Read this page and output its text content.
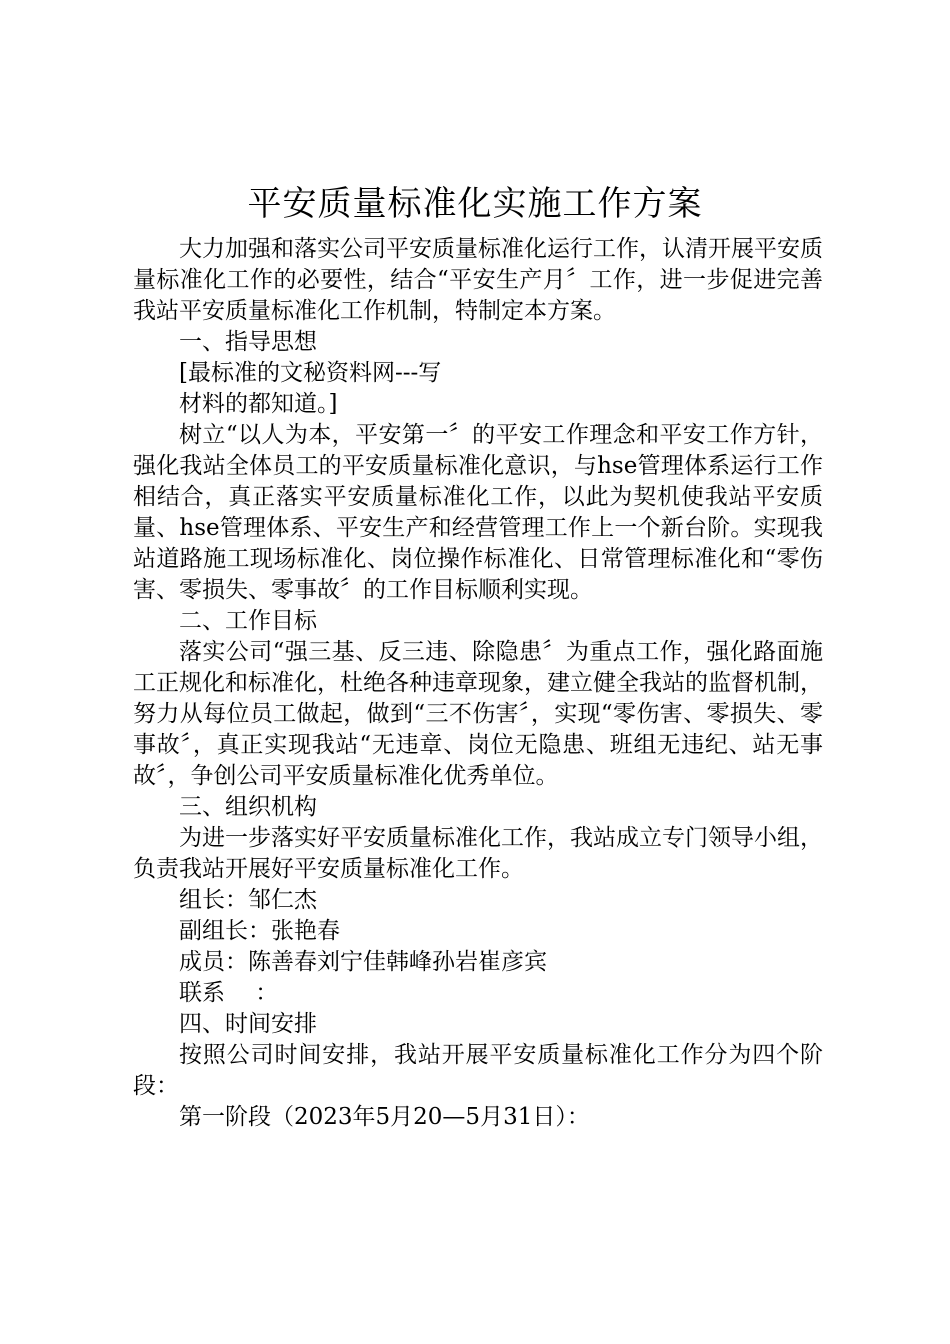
平安质量标准化实施工作方案

大力加强和落实公司平安质量标准化运行工作，认清开展平安质量标准化工作的必要性，结合“平安生产月〞工作，进一步促进完善我站平安质量标准化工作机制，特制定本方案。

一、指导思想

[最标准的文秘资料网---写

材料的都知道。]

树立“以人为本，平安第一〞的平安工作理念和平安工作方针，强化我站全体员工的平安质量标准化意识，与hse管理体系运行工作相结合，真正落实平安质量标准化工作，以此为契机使我站平安质量、hse管理体系、平安生产和经营管理工作上一个新台阶。实现我站道路施工现场标准化、岗位操作标准化、日常管理标准化和“零伤害、零损失、零事故〞的工作目标顺利实现。

二、工作目标

落实公司“强三基、反三违、除隐患〞为重点工作，强化路面施工正规化和标准化，杜绝各种违章现象，建立健全我站的监督机制，努力从每位员工做起，做到“三不伤害〞，实现“零伤害、零损失、零事故〞，真正实现我站“无违章、岗位无隐患、班组无违纪、站无事故〞，争创公司平安质量标准化优秀单位。

三、组织机构

为进一步落实好平安质量标准化工作，我站成立专门领导小组，负责我站开展好平安质量标准化工作。

组长：邹仁杰

副组长：张艳春

成员：陈善春刘宁佳韩峰孙岩崔彦宾

联系 　：

四、时间安排

按照公司时间安排，我站开展平安质量标准化工作分为四个阶段：

第一阶段（2023年5月20—5月31日）：
